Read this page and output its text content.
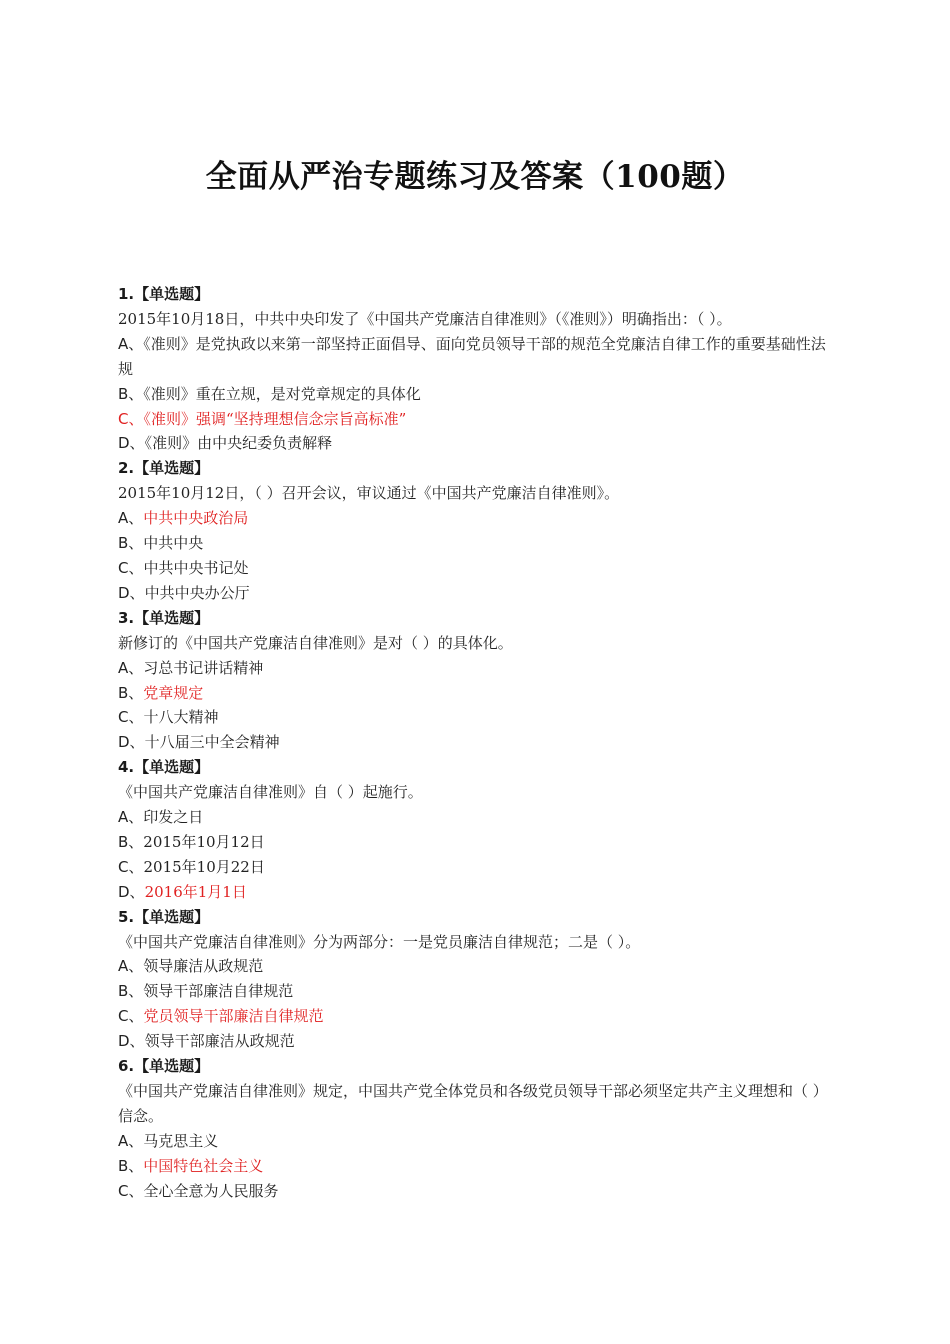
全面从严治专题练习及答案（100题）
1.【单选题】
2015年10月18日，中共中央印发了《中国共产党廉洁自律准则》（《准则》）明确指出：（ ）。
A、《准则》是党执政以来第一部坚持正面倡导、面向党员领导干部的规范全党廉洁自律工作的重要基础性法规
B、《准则》重在立规，是对党章规定的具体化
C、《准则》强调“坚持理想信念宗旨高标准”
D、《准则》由中央纪委负责解释
2.【单选题】
2015年10月12日，（ ）召开会议，审议通过《中国共产党廉洁自律准则》。
A、中共中央政治局
B、中共中央
C、中共中央书记处
D、中共中央办公厅
3.【单选题】
新修订的《中国共产党廉洁自律准则》是对（ ）的具体化。
A、习总书记讲话精神
B、党章规定
C、十八大精神
D、十八届三中全会精神
4.【单选题】
《中国共产党廉洁自律准则》自（ ）起施行。
A、印发之日
B、2015年10月12日
C、2015年10月22日
D、2016年1月1日
5.【单选题】
《中国共产党廉洁自律准则》分为两部分：一是党员廉洁自律规范；二是（ ）。
A、领导廉洁从政规范
B、领导干部廉洁自律规范
C、党员领导干部廉洁自律规范
D、领导干部廉洁从政规范
6.【单选题】
《中国共产党廉洁自律准则》规定，中国共产党全体党员和各级党员领导干部必须坚定共产主义理想和（ ）信念。
A、马克思主义
B、中国特色社会主义
C、全心全意为人民服务
